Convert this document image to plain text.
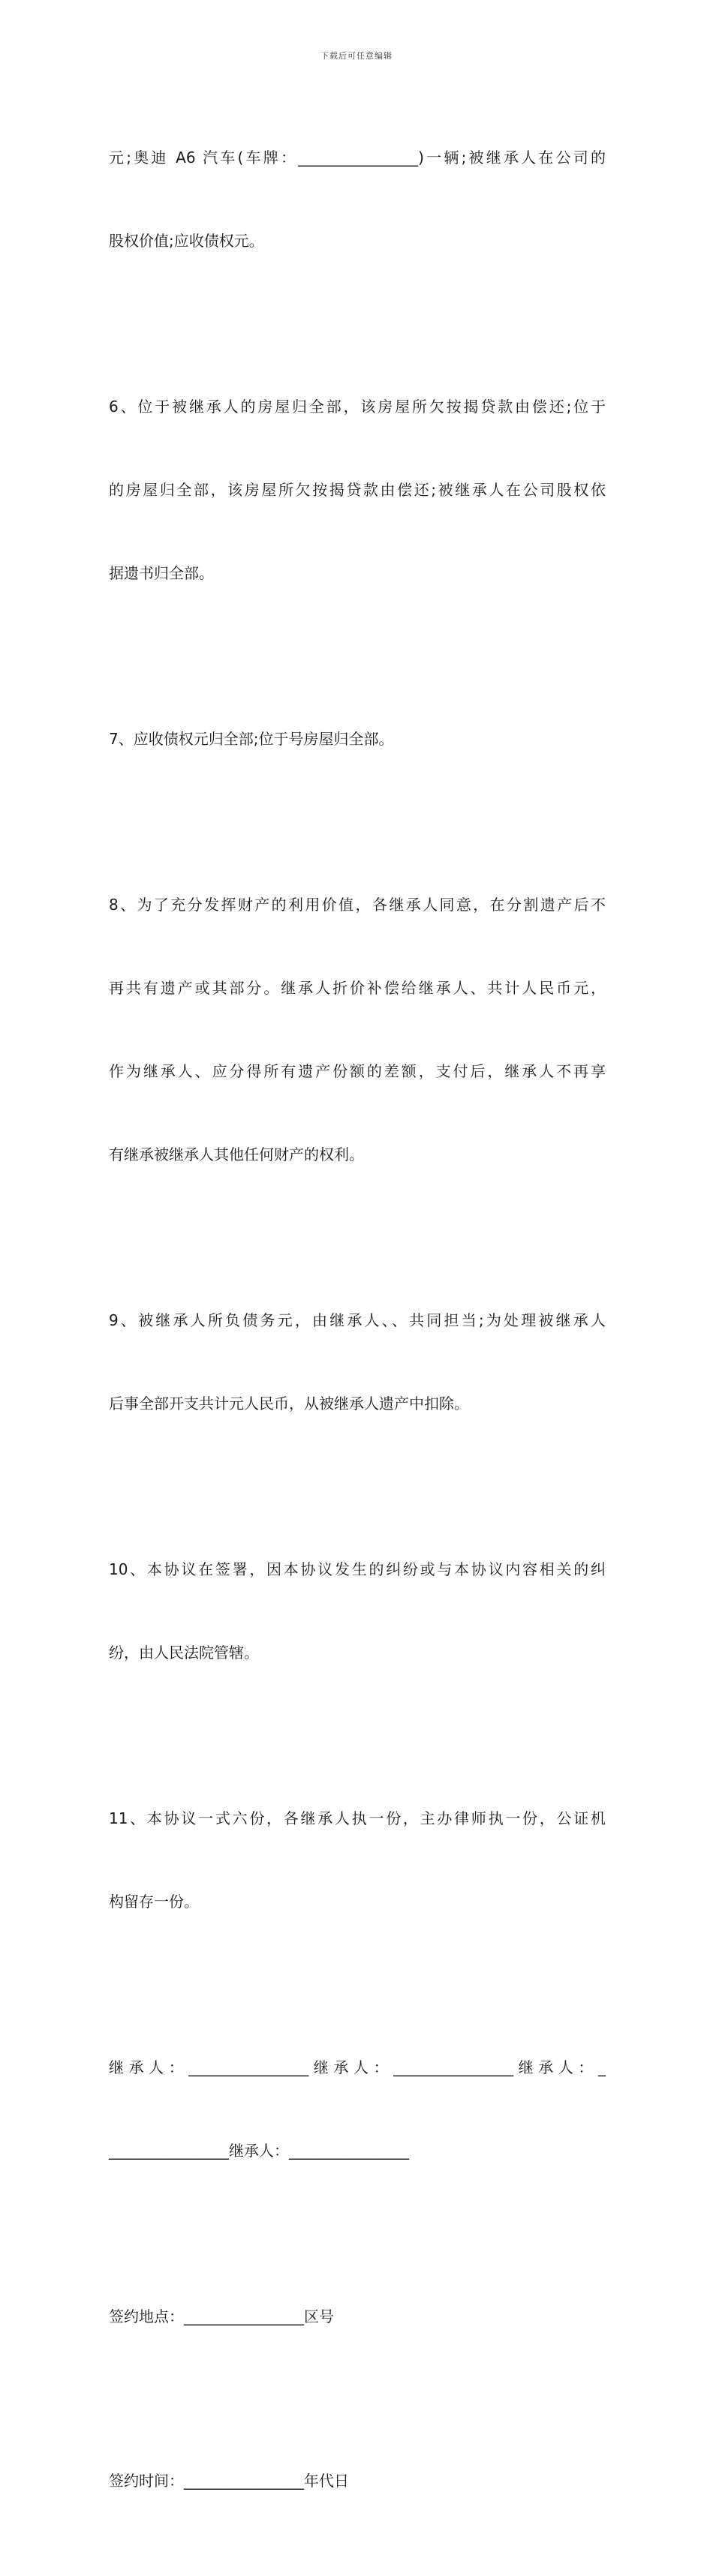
下载后可任意编辑

元;奥迪 A6 汽车(车牌：________________)一辆;被继承人在公司的

股权价值;应收债权元。

6、位于被继承人的房屋归全部，该房屋所欠按揭贷款由偿还;位于

的房屋归全部，该房屋所欠按揭贷款由偿还;被继承人在公司股权依

据遗书归全部。

7、应收债权元归全部;位于号房屋归全部。

8、为了充分发挥财产的利用价值，各继承人同意，在分割遗产后不

再共有遗产或其部分。继承人折价补偿给继承人、共计人民币元，

作为继承人、应分得所有遗产份额的差额，支付后，继承人不再享

有继承被继承人其他任何财产的权利。

9、被继承人所负债务元，由继承人、、共同担当;为处理被继承人

后事全部开支共计元人民币，从被继承人遗产中扣除。

10、本协议在签署，因本协议发生的纠纷或与本协议内容相关的纠

纷，由人民法院管辖。

11、本协议一式六份，各继承人执一份，主办律师执一份，公证机

构留存一份。

继承人：________________继承人：________________继承人：_

________________继承人：________________

签约地点：________________区号

签约时间：________________年代日
